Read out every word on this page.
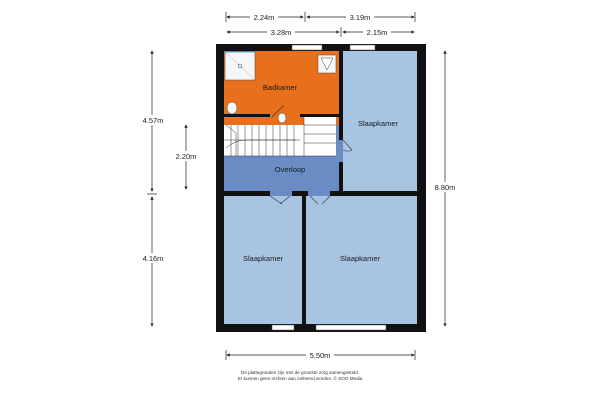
2.24m	3.19m
3.28m	2.15m
4.57m
2.20m
4.16m
8.80m
5.50m
Badkamer
Overloop
Slaapkamer
Slaapkamer	Slaapkamer
De plattegronden zijn met de grootste zorg samengesteld.
Er kunnen geen rechten aan ontleend worden. © SOO Media
